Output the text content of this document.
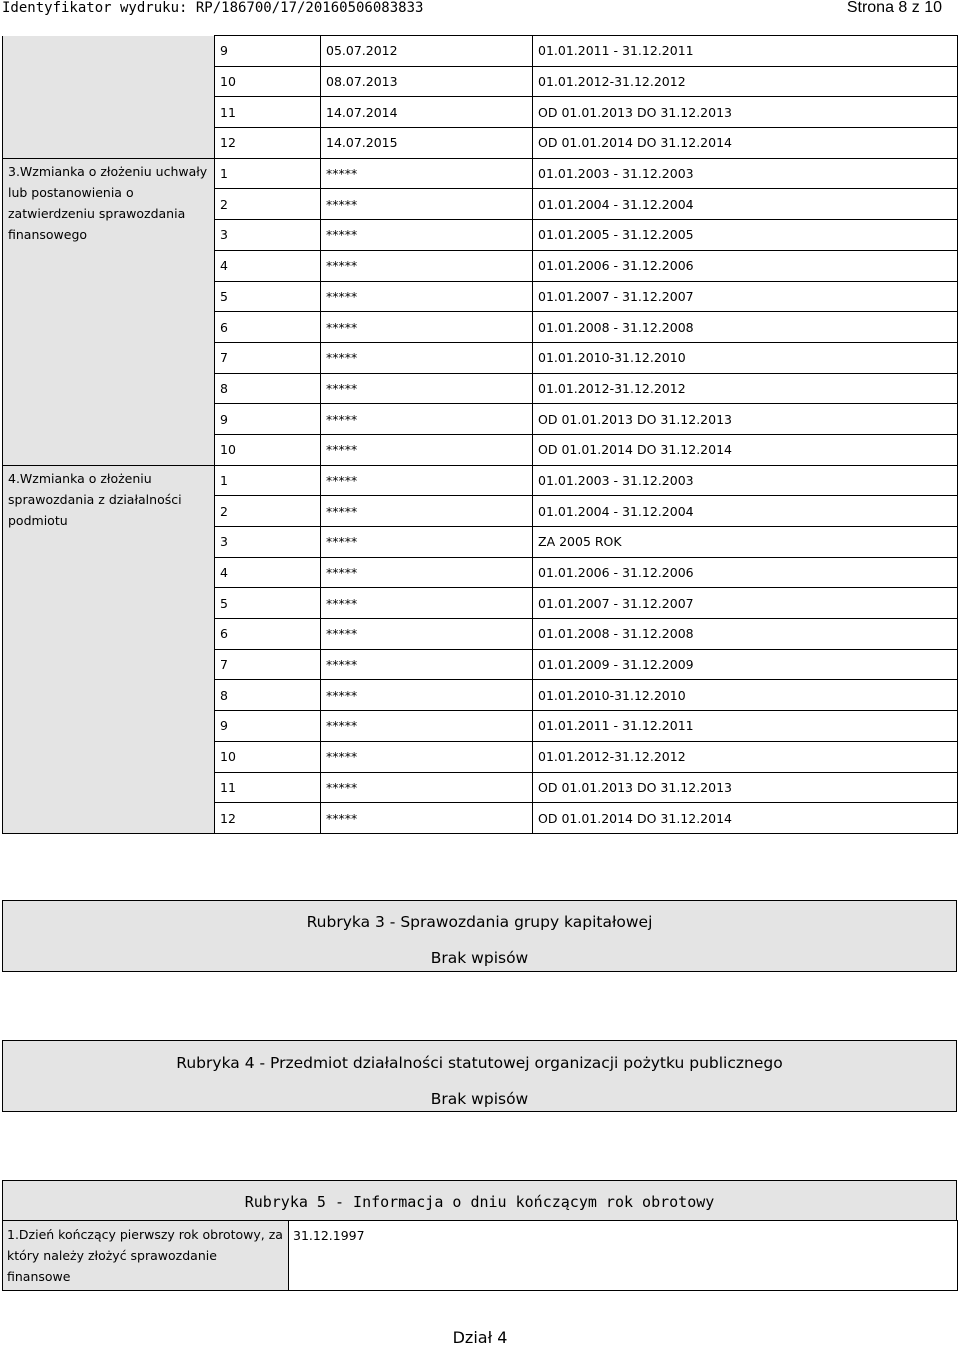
Identyfikator wydruku: RP/186700/17/20160506083833	Strona 8 z 10
	9	05.07.2012	01.01.2011 - 31.12.2011
	10	08.07.2013	01.01.2012-31.12.2012
	11	14.07.2014	OD 01.01.2013 DO 31.12.2013
	12	14.07.2015	OD 01.01.2014 DO 31.12.2014
3.Wzmianka o złożeniu uchwały lub postanowienia o zatwierdzeniu sprawozdania finansowego	1	*****	01.01.2003 - 31.12.2003
	2	*****	01.01.2004 - 31.12.2004
	3	*****	01.01.2005 - 31.12.2005
	4	*****	01.01.2006 - 31.12.2006
	5	*****	01.01.2007 - 31.12.2007
	6	*****	01.01.2008 - 31.12.2008
	7	*****	01.01.2010-31.12.2010
	8	*****	01.01.2012-31.12.2012
	9	*****	OD 01.01.2013 DO 31.12.2013
	10	*****	OD 01.01.2014 DO 31.12.2014
4.Wzmianka o złożeniu sprawozdania z działalności podmiotu	1	*****	01.01.2003 - 31.12.2003
	2	*****	01.01.2004 - 31.12.2004
	3	*****	ZA 2005 ROK
	4	*****	01.01.2006 - 31.12.2006
	5	*****	01.01.2007 - 31.12.2007
	6	*****	01.01.2008 - 31.12.2008
	7	*****	01.01.2009 - 31.12.2009
	8	*****	01.01.2010-31.12.2010
	9	*****	01.01.2011 - 31.12.2011
	10	*****	01.01.2012-31.12.2012
	11	*****	OD 01.01.2013 DO 31.12.2013
	12	*****	OD 01.01.2014 DO 31.12.2014
Rubryka 3 - Sprawozdania grupy kapitałowej
Brak wpisów
Rubryka 4 - Przedmiot działalności statutowej organizacji pożytku publicznego
Brak wpisów
Rubryka 5 - Informacja o dniu kończącym rok obrotowy
1.Dzień kończący pierwszy rok obrotowy, za który należy złożyć sprawozdanie finansowe	31.12.1997
Dział 4
